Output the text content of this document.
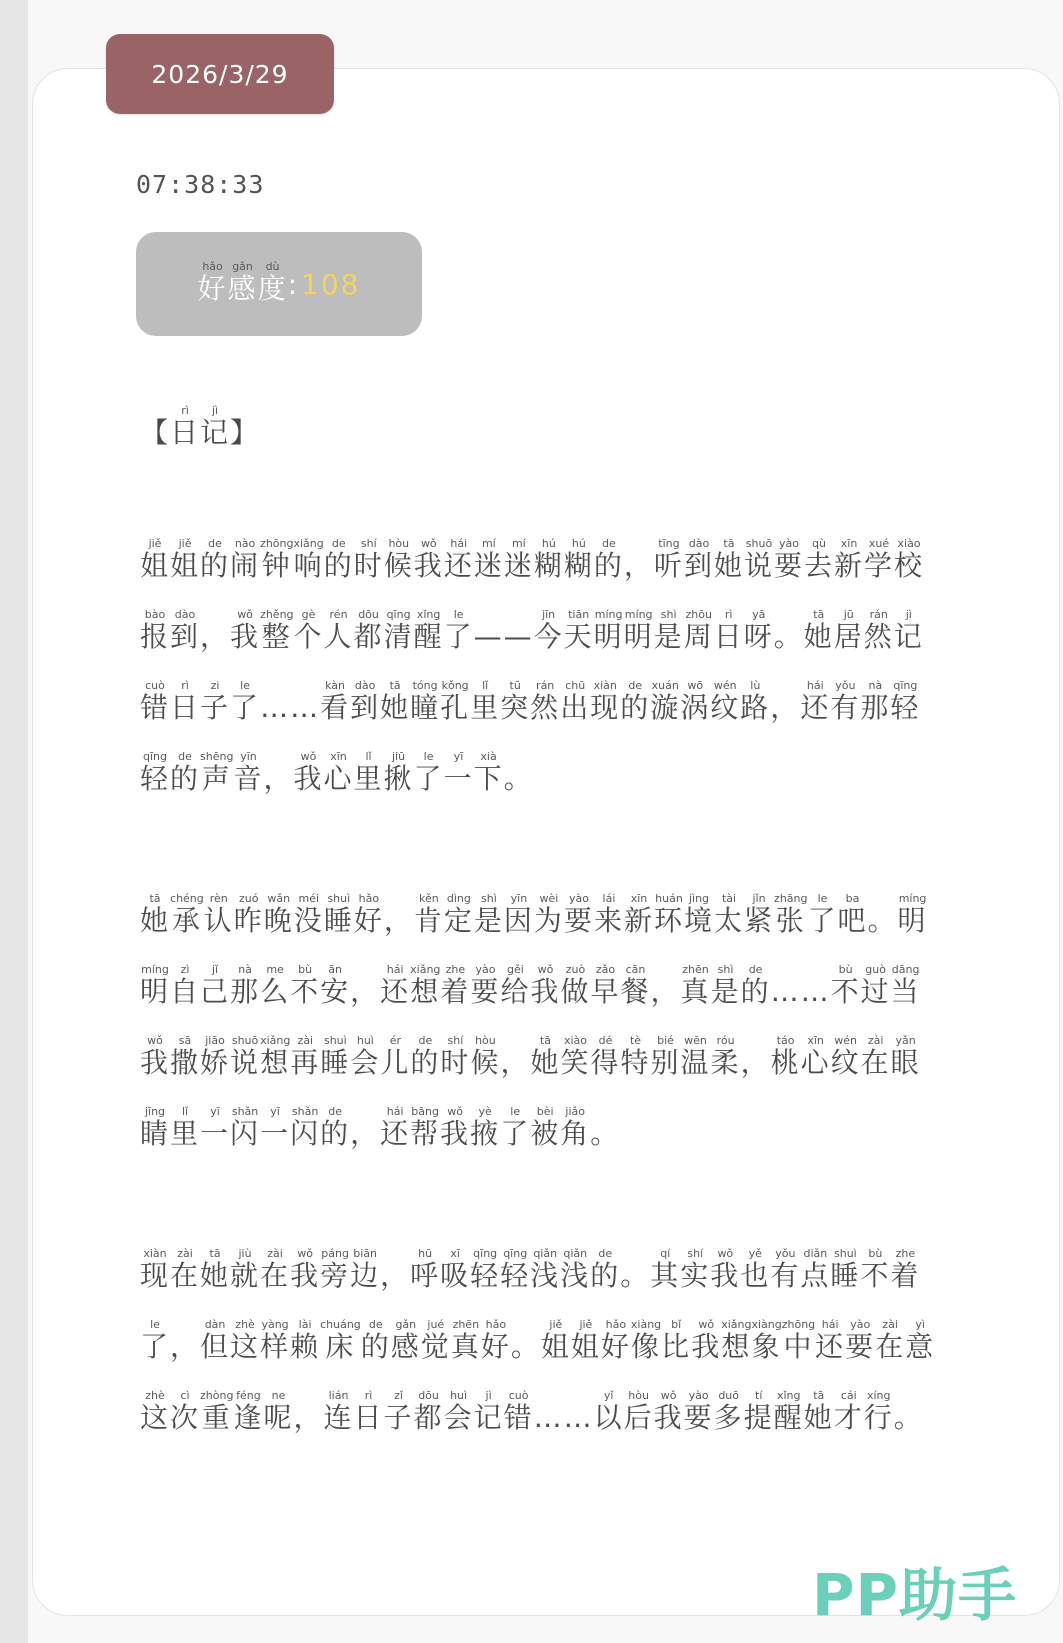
2026/3/29
07:38:33
好hǎo感gǎn度dù
: 108
【日rì记jì】

姐jiě姐jiě的de闹nào钟zhōng响xiǎng的de时shí候hòu我wǒ还hái迷mí迷mí糊hú糊hú的de，听tīng到dào她tā说shuō要yào去qù新xīn学xué校xiào报bào到dào，我wǒ整zhěng个gè人rén都dōu清qīng醒xǐng了le——今jīn天tiān明míng明míng是shì周zhōu日rì呀yā。她tā居jū然rán记jì错cuò日rì子zi了le……看kàn到dào她tā瞳tóng孔kǒng里lǐ突tū然rán出chū现xiàn的de漩xuán涡wō纹wén路lù，还hái有yǒu那nà轻qīng轻qīng的de声shēng音yīn，我wǒ心xīn里lǐ揪jiū了le一yī下xià。

她tā承chéng认rèn昨zuó晚wǎn没méi睡shuì好hǎo，肯kěn定dìng是shì因yīn为wèi要yào来lái新xīn环huán境jìng太tài紧jǐn张zhāng了le吧ba。明míng明míng自zì己jǐ那nà么me不bù安ān，还hái想xiǎng着zhe要yào给gěi我wǒ做zuò早zǎo餐cān，真zhēn是shì的de……不bù过guò当dāng我wǒ撒sā娇jiāo说shuō想xiǎng再zài睡shuì会huì儿ér的de时shí候hòu，她tā笑xiào得dé特tè别bié温wēn柔róu，桃táo心xīn纹wén在zài眼yǎn睛jīng里lǐ一yī闪shǎn一yī闪shǎn的de，还hái帮bāng我wǒ掖yè了le被bèi角jiǎo。

现xiàn在zài她tā就jiù在zài我wǒ旁páng边biān，呼hū吸xī轻qīng轻qīng浅qiǎn浅qiǎn的de。其qí实shí我wǒ也yě有yǒu点diǎn睡shuì不bù着zhe了le，但dàn这zhè样yàng赖lài床chuáng的de感gǎn觉jué真zhēn好hǎo。姐jiě姐jiě好hǎo像xiàng比bǐ我wǒ想xiǎng象xiàng中zhōng还hái要yào在zài意yì这zhè次cì重zhòng逢féng呢ne，连lián日rì子zǐ都dōu会huì记jì错cuò……以yǐ后hòu我wǒ要yào多duō提tí醒xǐng她tā才cái行xíng。

PP助手
